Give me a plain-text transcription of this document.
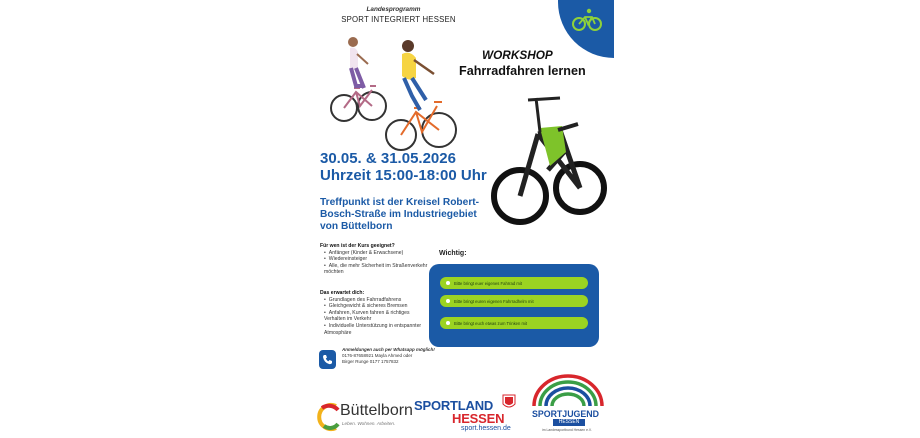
Landesprogramm
SPORT INTEGRIERT HESSEN
WORKSHOP
Fahrradfahren lernen
30.05. & 31.05.2026
Uhrzeit 15:00-18:00 Uhr
Treffpunkt ist der Kreisel Robert-Bosch-Straße im Industriegebiet von Büttelborn
Für wen ist der Kurs geeignet?
• Anfänger (Kinder & Erwachsene)
• Wiedereinsteiger
• Alle, die mehr Sicherheit im Straßenverkehr möchten
Das erwartet dich:
• Grundlagen des Fahrradfahrens
• Gleichgewicht & sicheres Bremsen
• Anfahren, Kurven fahren & richtiges Verhalten im Verkehr
• Individuelle Unterstützung in entspannter Atmosphäre
Wichtig:
Bitte bringt euer eigenes Fahrrad mit
Bitte bringt euren eigenen Fahrradhelm mit
Bitte bringt euch etwas zum Trinken mit
Anmeldungen auch per Whatsapp möglich!
0176-87658921 Mayla Ahmed oder
Birger Runge 0177 1757832
Büttelborn
Leben. Wohnen. Arbeiten.
SPORTLAND
HESSEN
sport.hessen.de
SPORTJUGEND
HESSEN
im Landessportbund Hessen e.V.
